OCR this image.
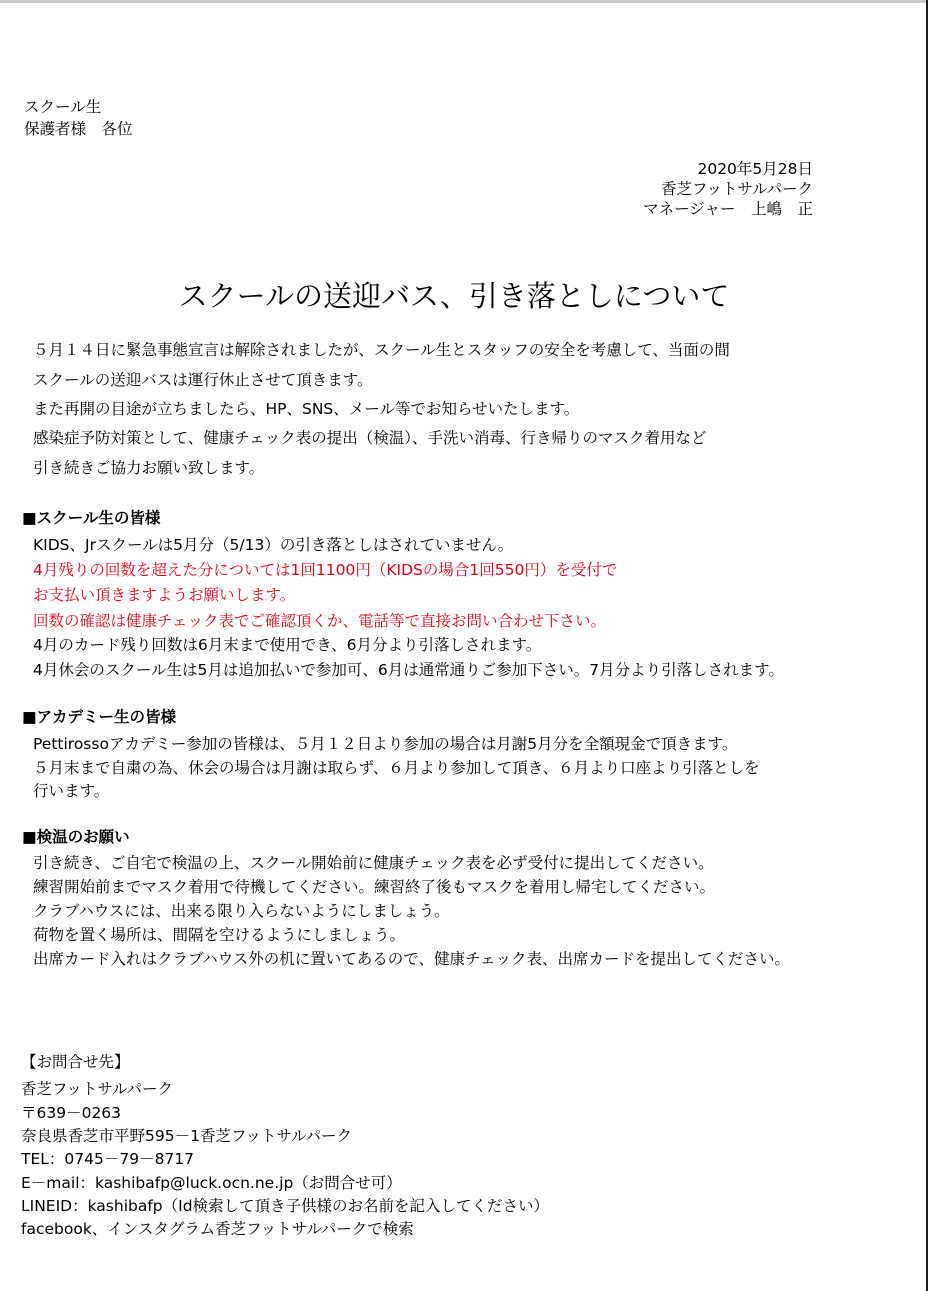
スクール生

保護者様　各位

2020年5月28日

香芝フットサルパーク

マネージャー　上嶋　正

スクールの送迎バス、引き落としについて

５月１４日に緊急事態宣言は解除されましたが、スクール生とスタッフの安全を考慮して、当面の間

スクールの送迎バスは運行休止させて頂きます。

また再開の目途が立ちましたら、HP、SNS、メール等でお知らせいたします。

感染症予防対策として、健康チェック表の提出（検温）、手洗い消毒、行き帰りのマスク着用など

引き続きご協力お願い致します。

■スクール生の皆様

KIDS、Jrスクールは5月分（5/13）の引き落としはされていません。

4月残りの回数を超えた分については1回1100円（KIDSの場合1回550円）を受付で

お支払い頂きますようお願いします。

回数の確認は健康チェック表でご確認頂くか、電話等で直接お問い合わせ下さい。

4月のカード残り回数は6月末まで使用でき、6月分より引落しされます。

4月休会のスクール生は5月は追加払いで参加可、6月は通常通りご参加下さい。7月分より引落しされます。

■アカデミー生の皆様

Pettirossoアカデミー参加の皆様は、５月１２日より参加の場合は月謝5月分を全額現金で頂きます。

５月末まで自粛の為、休会の場合は月謝は取らず、６月より参加して頂き、６月より口座より引落としを

行います。

■検温のお願い

引き続き、ご自宅で検温の上、スクール開始前に健康チェック表を必ず受付に提出してください。

練習開始前までマスク着用で待機してください。練習終了後もマスクを着用し帰宅してください。

クラブハウスには、出来る限り入らないようにしましょう。

荷物を置く場所は、間隔を空けるようにしましょう。

出席カード入れはクラブハウス外の机に置いてあるので、健康チェック表、出席カードを提出してください。

【お問合せ先】

香芝フットサルパーク

〒639－0263

奈良県香芝市平野595－1香芝フットサルパーク

TEL：0745－79－8717

E－mail：kashibafp@luck.ocn.ne.jp（お問合せ可）

LINEID：kashibafp（Id検索して頂き子供様のお名前を記入してください）

facebook、インスタグラム香芝フットサルパークで検索
